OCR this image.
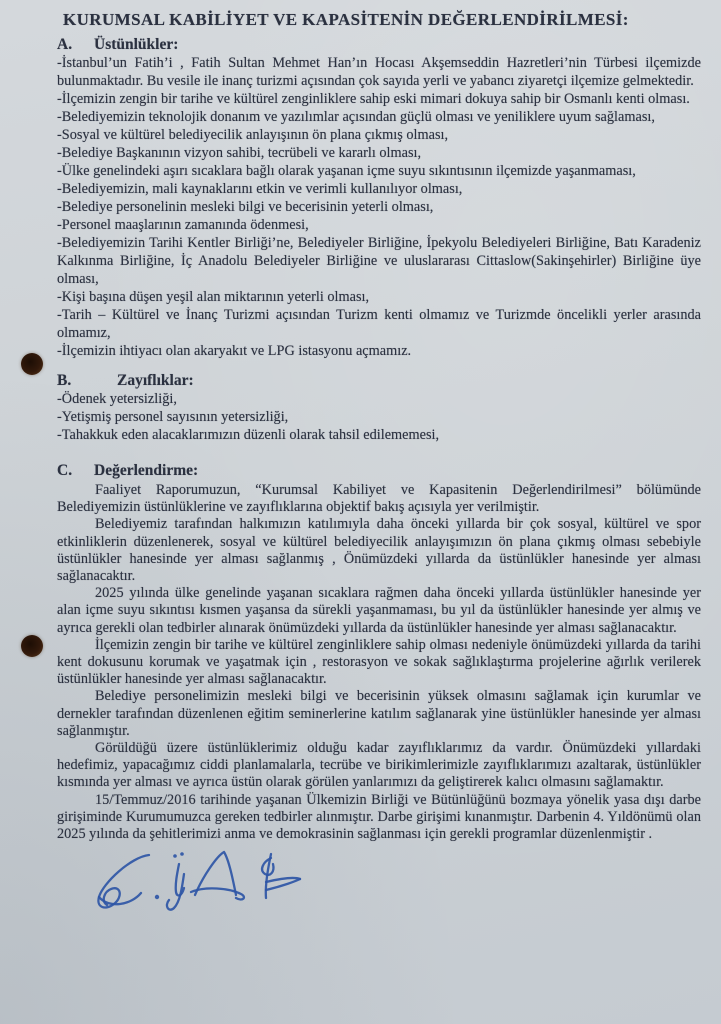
KURUMSAL KABİLİYET VE KAPASİTENİN DEĞERLENDİRİLMESİ:
A. Üstünlükler:
-İstanbul’un Fatih’i , Fatih Sultan Mehmet Han’ın Hocası Akşemseddin Hazretleri’nin Türbesi ilçemizde bulunmaktadır. Bu vesile ile inanç turizmi açısından çok sayıda yerli ve yabancı ziyaretçi ilçemize gelmektedir.
-İlçemizin zengin bir tarihe ve kültürel zenginliklere sahip eski mimari dokuya sahip bir Osmanlı kenti olması.
-Belediyemizin teknolojik donanım ve yazılımlar açısından güçlü olması ve yeniliklere uyum sağlaması,
-Sosyal ve kültürel belediyecilik anlayışının ön plana çıkmış olması,
-Belediye Başkanının vizyon sahibi, tecrübeli ve kararlı olması,
-Ülke genelindeki aşırı sıcaklara bağlı olarak yaşanan içme suyu sıkıntısının ilçemizde yaşanmaması,
-Belediyemizin, mali kaynaklarını etkin ve verimli kullanılıyor olması,
-Belediye personelinin mesleki bilgi ve becerisinin yeterli olması,
-Personel maaşlarının zamanında ödenmesi,
-Belediyemizin Tarihi Kentler Birliği’ne, Belediyeler Birliğine, İpekyolu Belediyeleri Birliğine, Batı Karadeniz Kalkınma Birliğine, İç Anadolu Belediyeler Birliğine ve uluslararası Cittaslow(Sakinşehirler) Birliğine üye olması,
-Kişi başına düşen yeşil alan miktarının yeterli olması,
-Tarih – Kültürel ve İnanç Turizmi açısından Turizm kenti olmamız ve Turizmde öncelikli yerler arasında olmamız,
-İlçemizin ihtiyacı olan akaryakıt ve LPG istasyonu açmamız.
B.	Zayıflıklar:
-Ödenek yetersizliği,
-Yetişmiş personel sayısının yetersizliği,
-Tahakkuk eden alacaklarımızın düzenli olarak tahsil edilememesi,
C. Değerlendirme:

Faaliyet Raporumuzun, “Kurumsal Kabiliyet ve Kapasitenin Değerlendirilmesi” bölümünde Belediyemizin üstünlüklerine ve zayıflıklarına objektif bakış açısıyla yer verilmiştir.

Belediyemiz tarafından halkımızın katılımıyla daha önceki yıllarda bir çok sosyal, kültürel ve spor etkinliklerin düzenlenerek, sosyal ve kültürel belediyecilik anlayışımızın ön plana çıkmış olması sebebiyle üstünlükler hanesinde yer alması sağlanmış , Önümüzdeki yıllarda da üstünlükler hanesinde yer alması sağlanacaktır.

2025 yılında ülke genelinde yaşanan sıcaklara rağmen daha önceki yıllarda üstünlükler hanesinde yer alan içme suyu sıkıntısı kısmen yaşansa da sürekli yaşanmaması, bu yıl da üstünlükler hanesinde yer almış ve ayrıca gerekli olan tedbirler alınarak önümüzdeki yıllarda da üstünlükler hanesinde yer alması sağlanacaktır.

İlçemizin zengin bir tarihe ve kültürel zenginliklere sahip olması nedeniyle önümüzdeki yıllarda da tarihi kent dokusunu korumak ve yaşatmak için , restorasyon ve sokak sağlıklaştırma projelerine ağırlık verilerek üstünlükler hanesinde yer alması sağlanacaktır.

Belediye personelimizin mesleki bilgi ve becerisinin yüksek olmasını sağlamak için kurumlar ve dernekler tarafından düzenlenen eğitim seminerlerine katılım sağlanarak yine üstünlükler hanesinde yer alması sağlanmıştır.

Görüldüğü üzere üstünlüklerimiz olduğu kadar zayıflıklarımız da vardır. Önümüzdeki yıllardaki hedefimiz, yapacağımız ciddi planlamalarla, tecrübe ve birikimlerimizle zayıflıklarımızı azaltarak, üstünlükler kısmında yer alması ve ayrıca üstün olarak görülen yanlarımızı da geliştirerek kalıcı olmasını sağlamaktır.

15/Temmuz/2016 tarihinde yaşanan Ülkemizin Birliği ve Bütünlüğünü bozmaya yönelik yasa dışı darbe girişiminde Kurumumuzca gereken tedbirler alınmıştır. Darbe girişimi kınanmıştır. Darbenin 4. Yıldönümü olan 2025 yılında da şehitlerimizi anma ve demokrasinin sağlanması için gerekli programlar düzenlenmiştir .
